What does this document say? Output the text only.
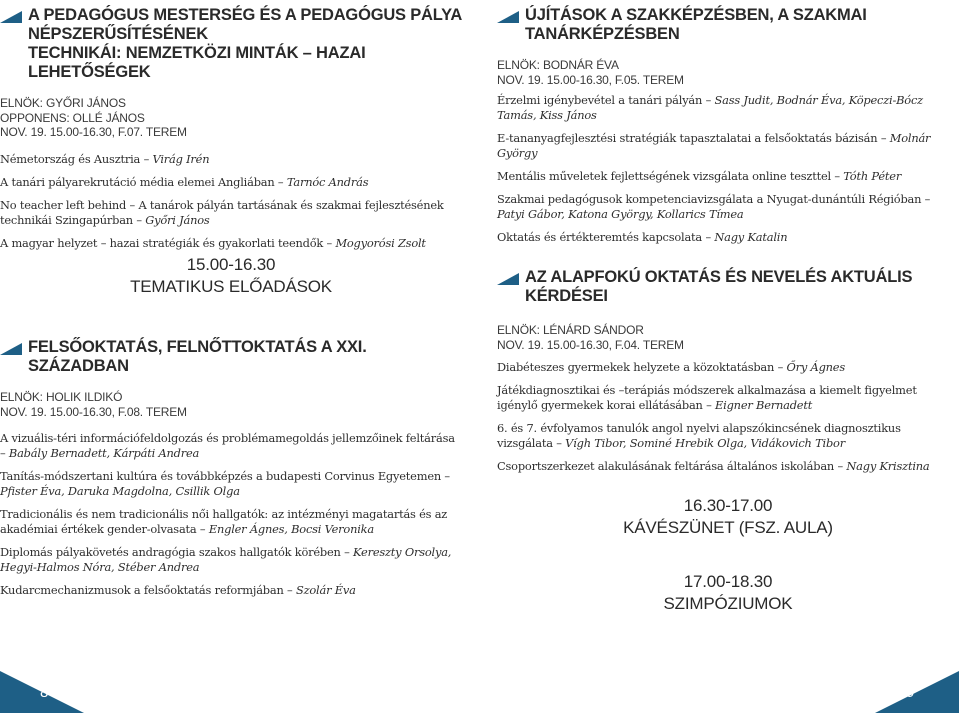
A PEDAGÓGUS MESTERSÉG ÉS A PEDAGÓGUS PÁLYA NÉPSZERŰSÍTÉSÉNEK
TECHNIKÁI: NEMZETKÖZI MINTÁK – HAZAI LEHETŐSÉGEK
ELNÖK: GYŐRI JÁNOS
OPPONENS: OLLÉ JÁNOS
NOV. 19. 15.00-16.30, F.07. TEREM
Németország és Ausztria – Virág Irén
A tanári pályarekrutáció média elemei Angliában – Tarnóc András
No teacher left behind – A tanárok pályán tartásának és szakmai fejlesztésének technikái Szingapúrban – Győri János
A magyar helyzet – hazai stratégiák és gyakorlati teendők – Mogyorósi Zsolt
15.00-16.30
TEMATIKUS ELŐADÁSOK
FELSŐOKTATÁS, FELNŐTTOKTATÁS A XXI. SZÁZADBAN
ELNÖK: HOLIK ILDIKÓ
NOV. 19. 15.00-16.30, F.08. TEREM
A vizuális-téri információfeldolgozás és problémamegoldás jellemzőinek feltárása – Babály Bernadett, Kárpáti Andrea
Tanítás-módszertani kultúra és továbbképzés a budapesti Corvinus Egyetemen – Pfister Éva, Daruka Magdolna, Csillik Olga
Tradicionális és nem tradicionális női hallgatók: az intézményi magatartás és az akadémiai értékek gender-olvasata – Engler Ágnes, Bocsi Veronika
Diplomás pályakövetés andragógia szakos hallgatók körében – Kereszty Orsolya, Hegyi-Halmos Nóra, Stéber Andrea
Kudarcmechanizmusok a felsőoktatás reformjában – Szolár Éva
ÚJÍTÁSOK A SZAKKÉPZÉSBEN, A SZAKMAI TANÁRKÉPZÉSBEN
ELNÖK: BODNÁR ÉVA
NOV. 19. 15.00-16.30, F.05. TEREM
Érzelmi igénybevétel a tanári pályán – Sass Judit, Bodnár Éva, Köpeczi-Bócz Tamás, Kiss János
E-tananyagfejlesztési stratégiák tapasztalatai a felsőoktatás bázisán – Molnár György
Mentális műveletek fejlettségének vizsgálata online teszttel – Tóth Péter
Szakmai pedagógusok kompetenciavizsgálata a Nyugat-dunántúli Régióban – Patyi Gábor, Katona György, Kollarics Tímea
Oktatás és értékteremtés kapcsolata – Nagy Katalin
AZ ALAPFOKÚ OKTATÁS ÉS NEVELÉS AKTUÁLIS KÉRDÉSEI
ELNÖK: LÉNÁRD SÁNDOR
NOV. 19. 15.00-16.30, F.04. TEREM
Diabéteszes gyermekek helyzete a közoktatásban – Őry Ágnes
Játékdiagnosztikai és –terápiás módszerek alkalmazása a kiemelt figyelmet igénylő gyermekek korai ellátásában – Eigner Bernadett
6. és 7. évfolyamos tanulók angol nyelvi alapszókincsének diagnosztikus vizsgálata – Vígh Tibor, Sominé Hrebik Olga, Vidákovich Tibor
Csoportszerkezet alakulásának feltárása általános iskolában – Nagy Krisztina
16.30-17.00
KÁVÉSZÜNET (FSZ. AULA)
17.00-18.30
SZIMPÓZIUMOK
8	9
